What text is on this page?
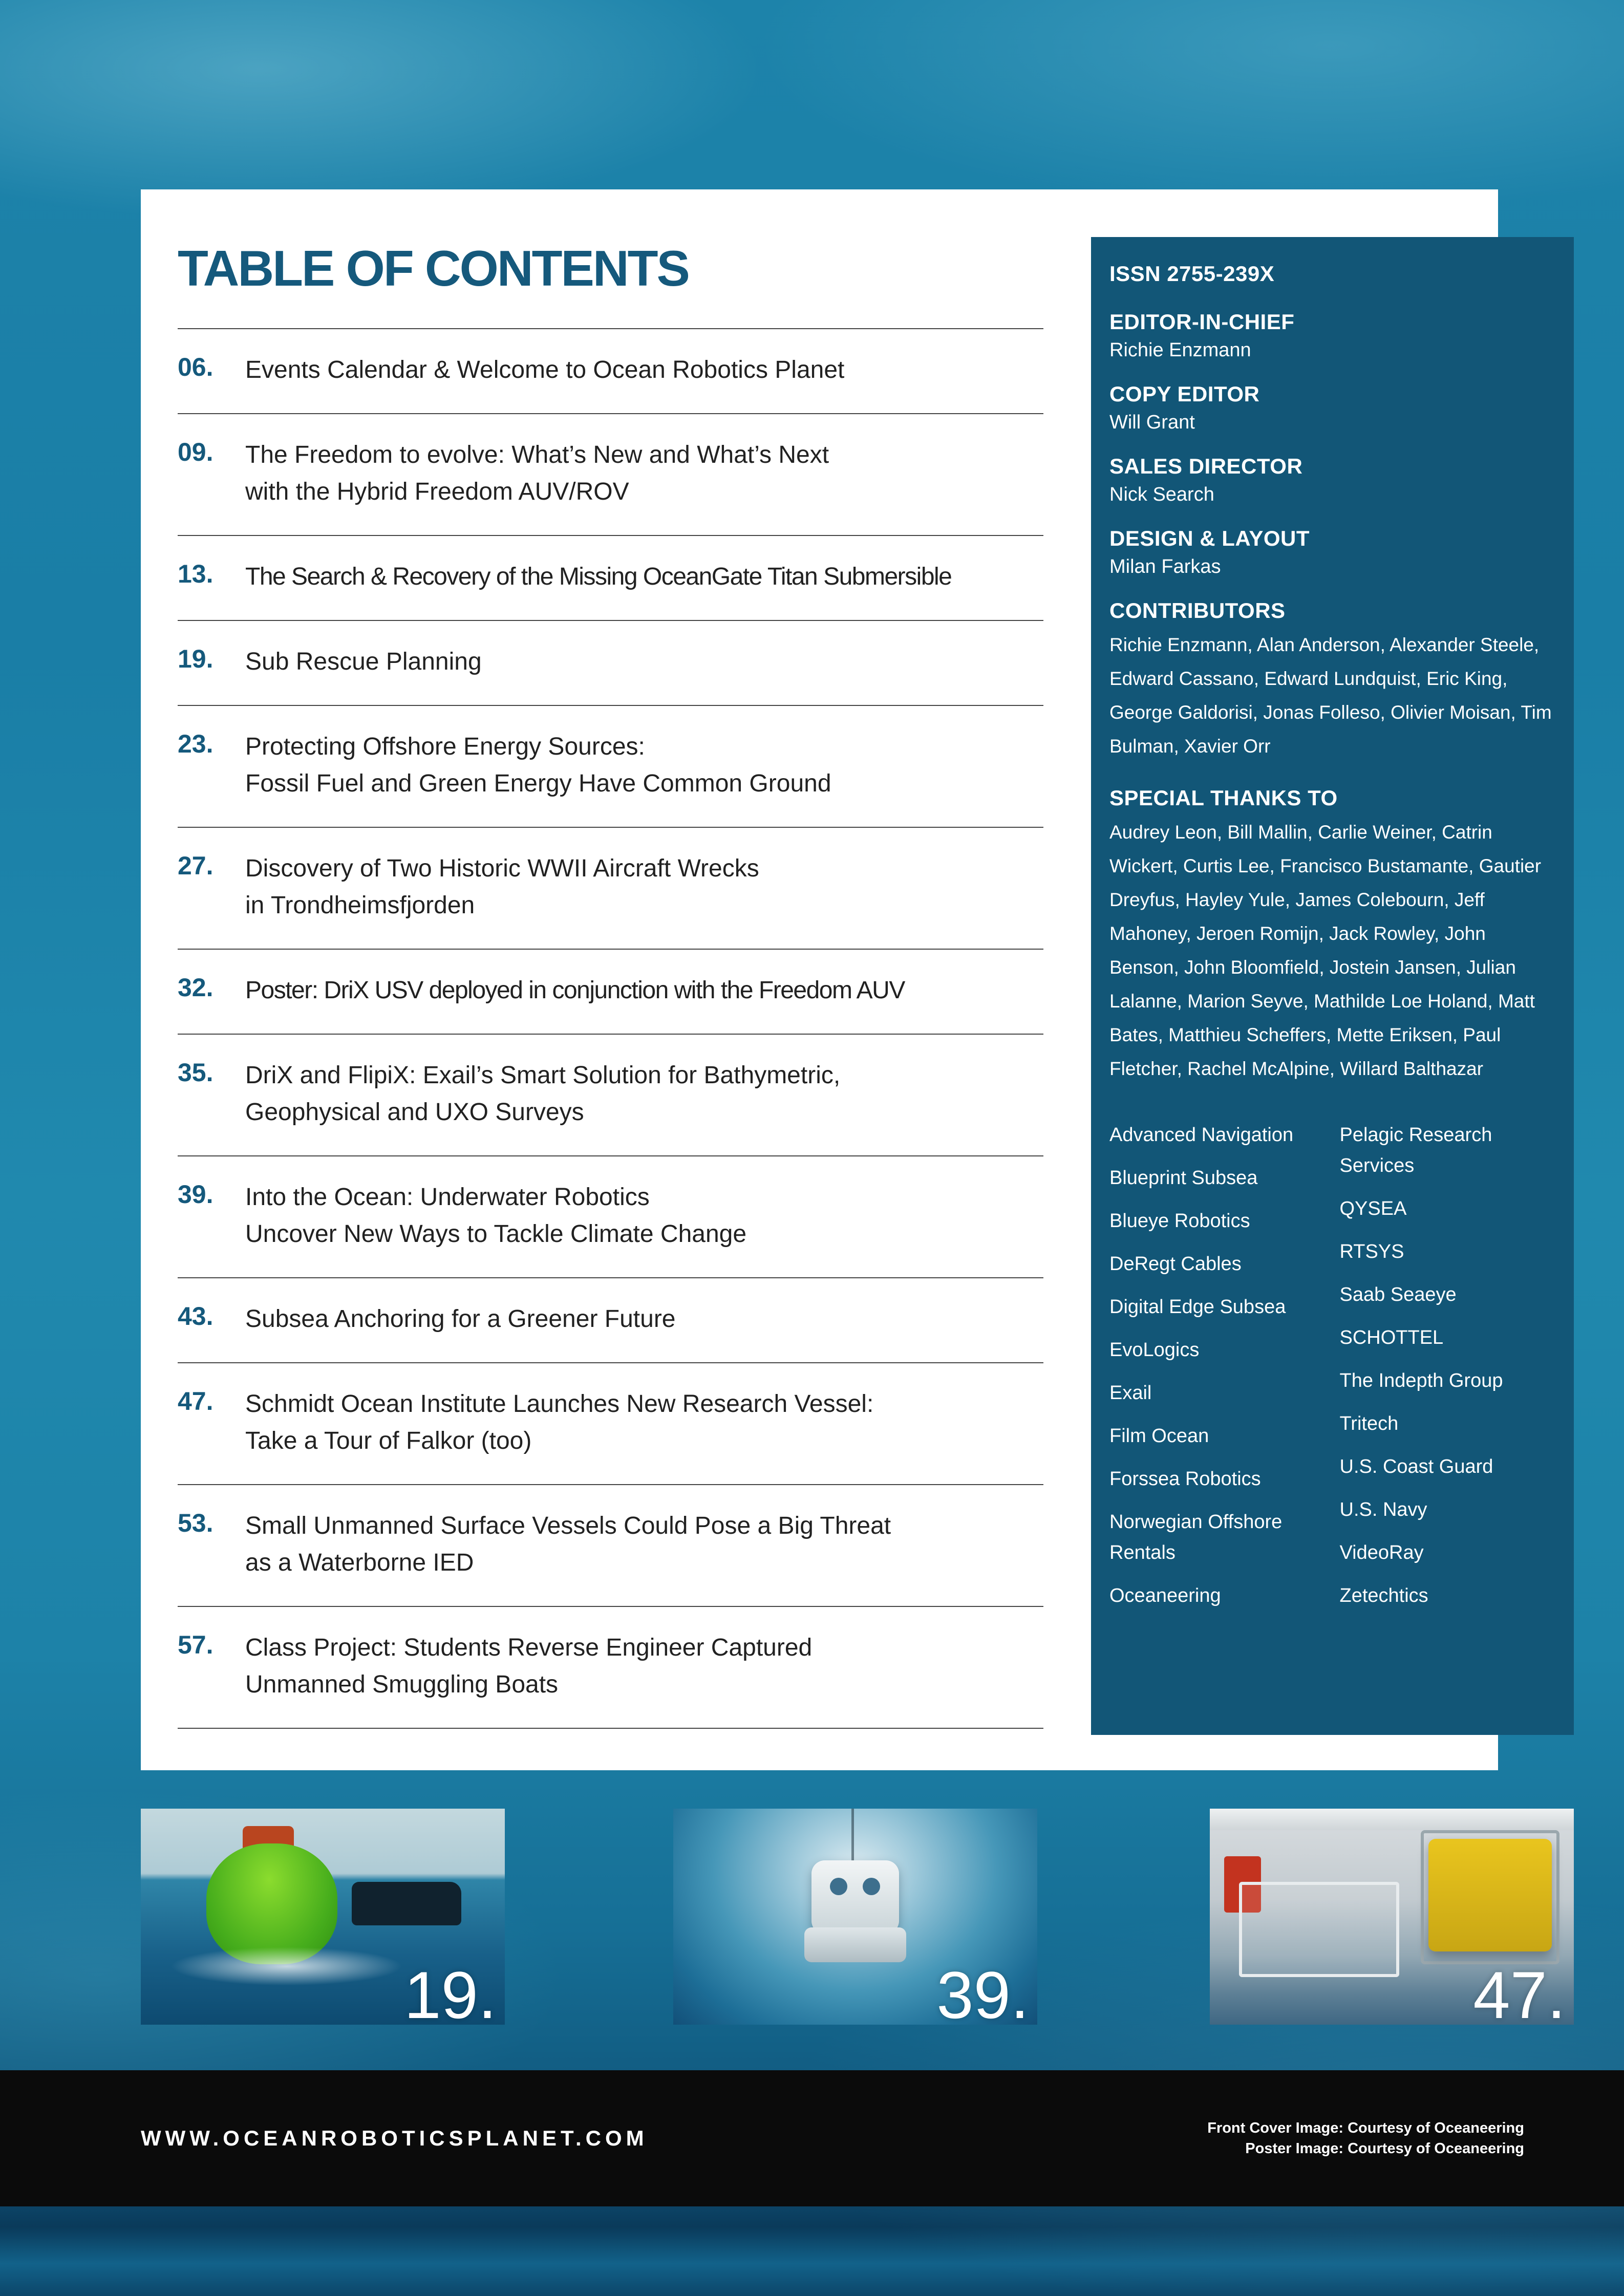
TABLE OF CONTENTS
06.	Events Calendar & Welcome to Ocean Robotics Planet
09.	The Freedom to evolve: What’s New and What’s Next
with the Hybrid Freedom AUV/ROV
13.	The Search & Recovery of the Missing OceanGate Titan Submersible
19.	Sub Rescue Planning
23.	Protecting Offshore Energy Sources:
Fossil Fuel and Green Energy Have Common Ground
27.	Discovery of Two Historic WWII Aircraft Wrecks
in Trondheimsfjorden
32.	Poster: DriX USV deployed in conjunction with the Freedom AUV
35.	DriX and FlipiX: Exail’s Smart Solution for Bathymetric,
Geophysical and UXO Surveys
39.	Into the Ocean: Underwater Robotics
Uncover New Ways to Tackle Climate Change
43.	Subsea Anchoring for a Greener Future
47.	Schmidt Ocean Institute Launches New Research Vessel:
Take a Tour of Falkor (too)
53.	Small Unmanned Surface Vessels Could Pose a Big Threat
as a Waterborne IED
57.	Class Project: Students Reverse Engineer Captured
Unmanned Smuggling Boats
ISSN 2755-239X
EDITOR-IN-CHIEF
Richie Enzmann
COPY EDITOR
Will Grant
SALES DIRECTOR
Nick Search
DESIGN & LAYOUT
Milan Farkas
CONTRIBUTORS
Richie Enzmann, Alan Anderson, Alexander Steele, Edward Cassano, Edward Lundquist, Eric King, George Galdorisi, Jonas Folleso, Olivier Moisan, Tim Bulman, Xavier Orr
SPECIAL THANKS TO
Audrey Leon, Bill Mallin, Carlie Weiner, Catrin Wickert, Curtis Lee, Francisco Bustamante, Gautier Dreyfus, Hayley Yule, James Colebourn, Jeff Mahoney, Jeroen Romijn, Jack Rowley, John Benson, John Bloomfield, Jostein Jansen, Julian Lalanne, Marion Seyve, Mathilde Loe Holand, Matt Bates, Matthieu Scheffers, Mette Eriksen, Paul Fletcher, Rachel McAlpine, Willard Balthazar
Advanced Navigation
Blueprint Subsea
Blueye Robotics
DeRegt Cables
Digital Edge Subsea
EvoLogics
Exail
Film Ocean
Forssea Robotics
Norwegian Offshore Rentals
Oceaneering
Pelagic Research Services
QYSEA
RTSYS
Saab Seaeye
SCHOTTEL
The Indepth Group
Tritech
U.S. Coast Guard
U.S. Navy
VideoRay
Zetechtics
19.	39.	47.
WWW.OCEANROBOTICSPLANET.COM	Front Cover Image: Courtesy of Oceaneering
Poster Image: Courtesy of Oceaneering
